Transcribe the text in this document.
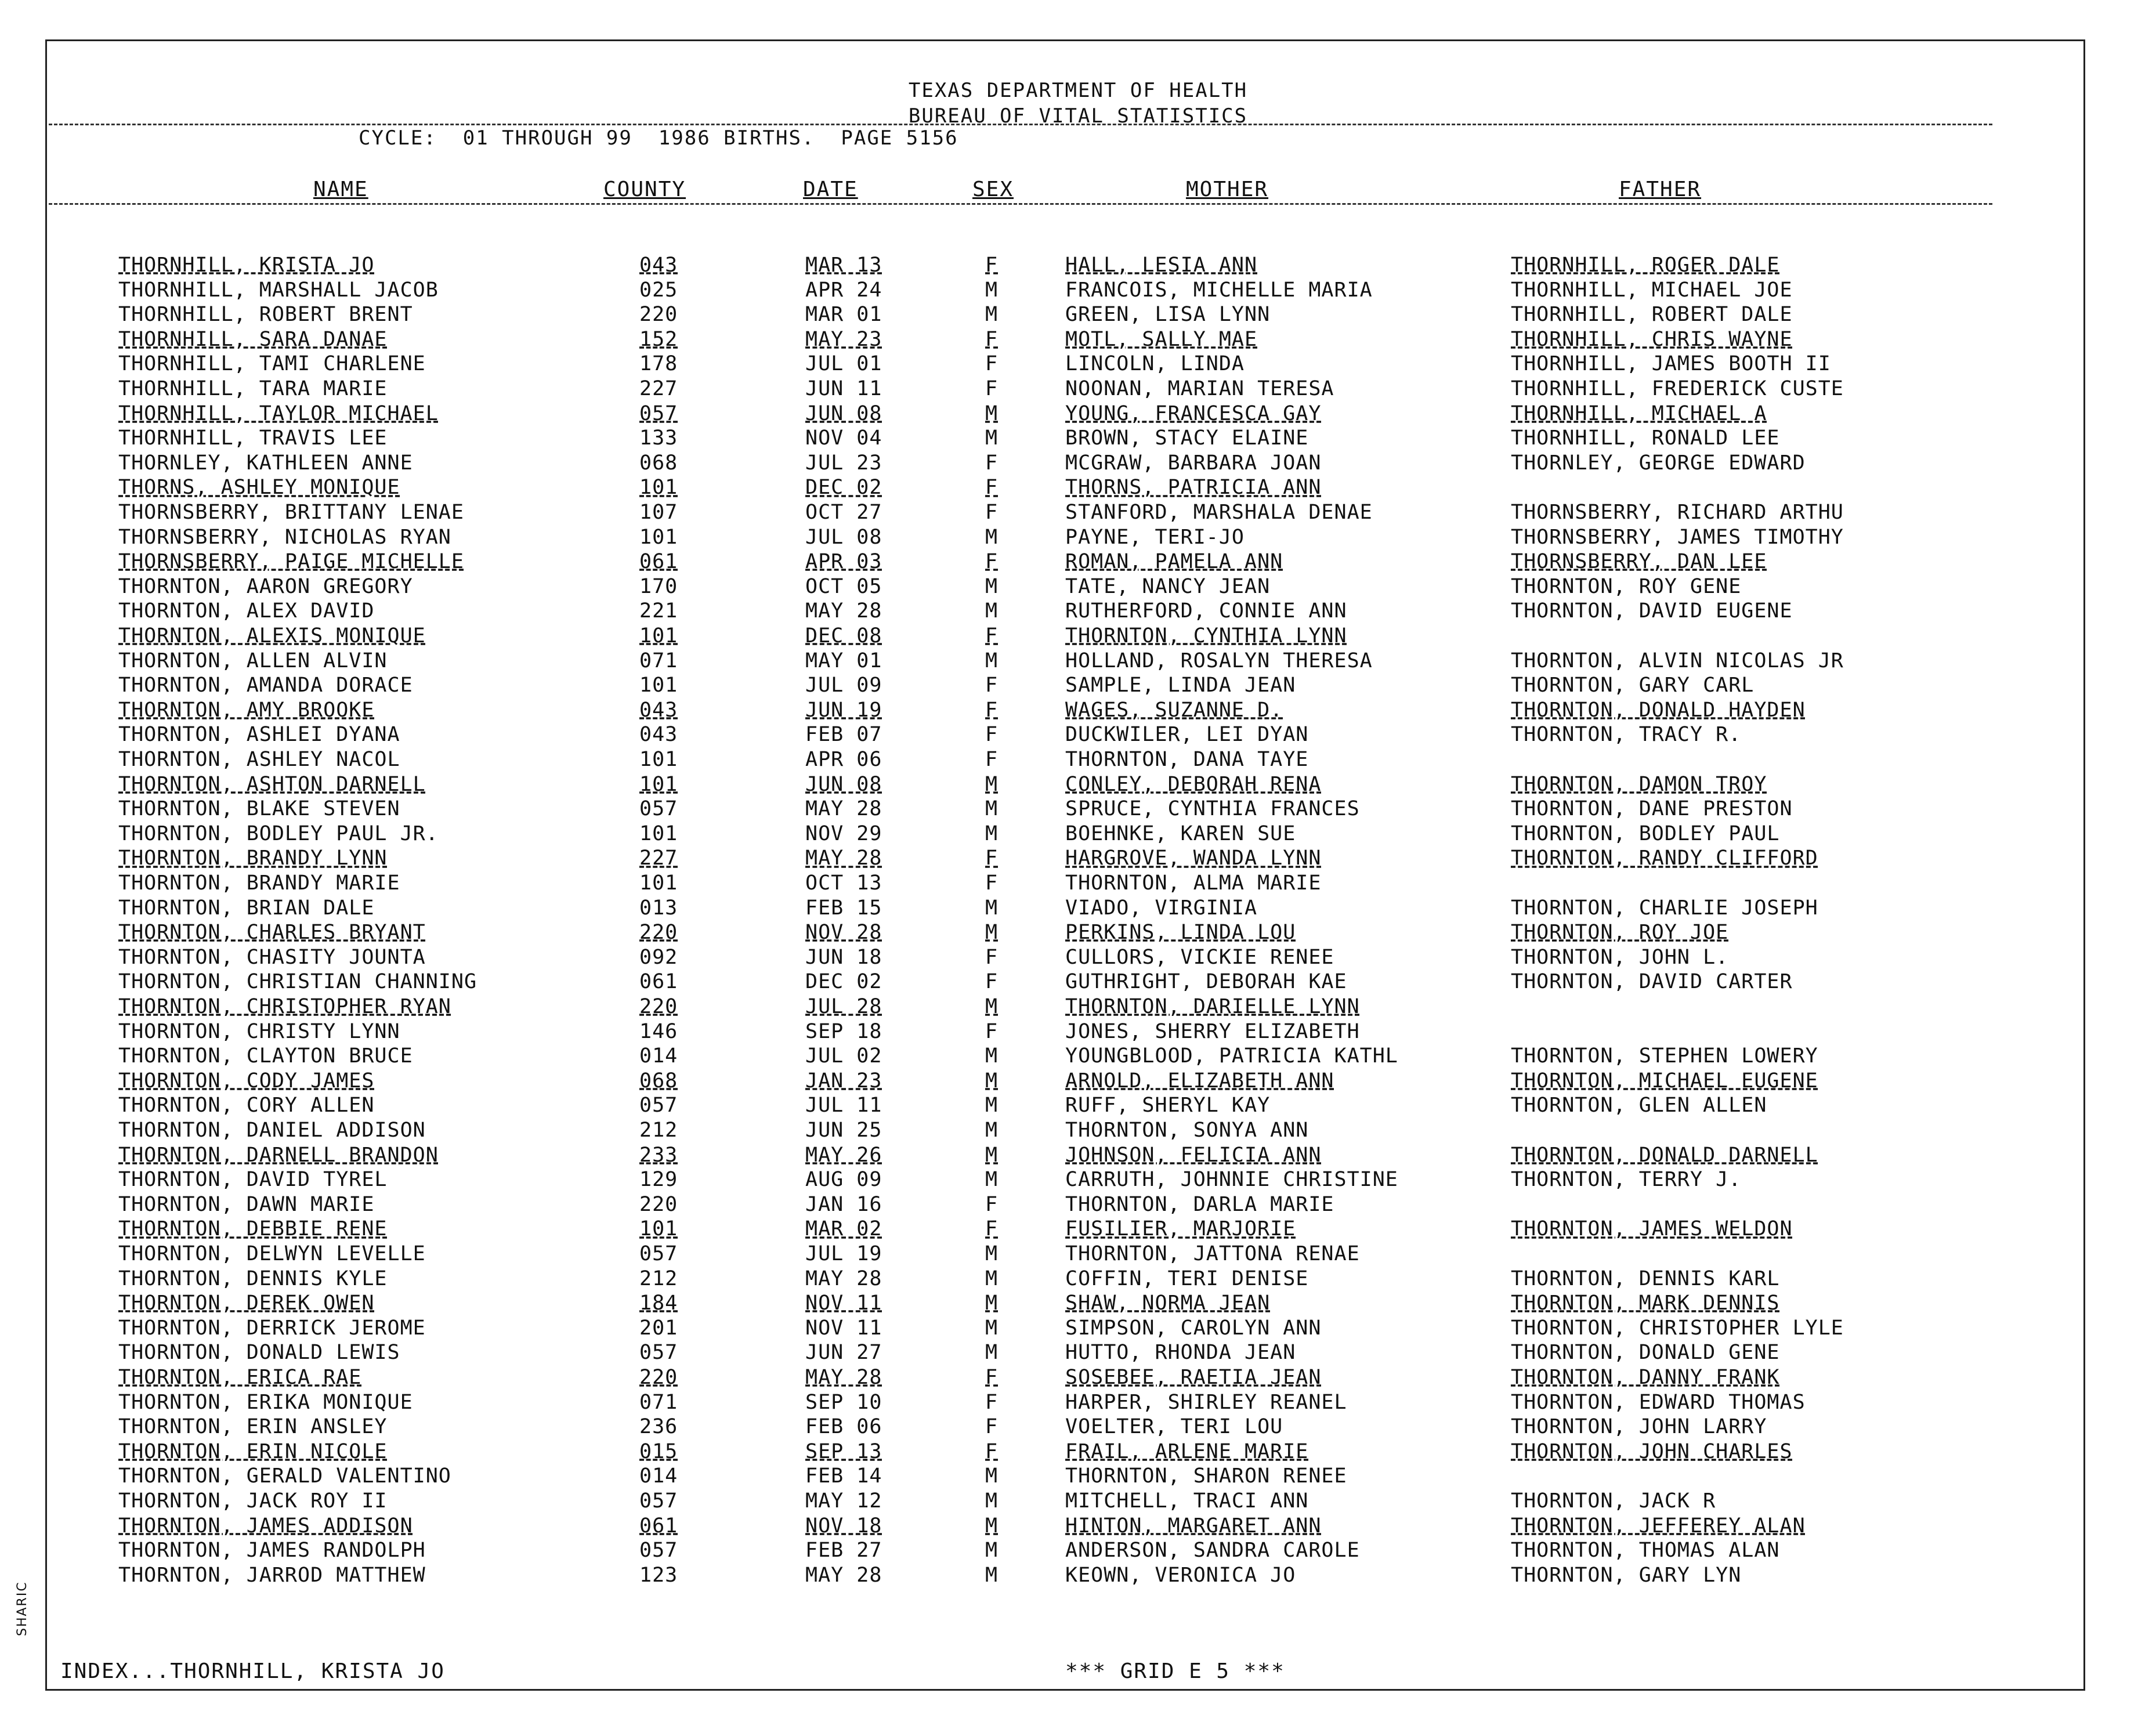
TEXAS DEPARTMENT OF HEALTH
BUREAU OF VITAL STATISTICS
CYCLE:  01 THROUGH 99  1986 BIRTHS.  PAGE 5156
NAME	COUNTY	DATE	SEX	MOTHER	FATHER
THORNHILL, KRISTA JO	043	MAR 13	F	HALL, LESIA ANN	THORNHILL, ROGER DALE
THORNHILL, MARSHALL JACOB	025	APR 24	M	FRANCOIS, MICHELLE MARIA	THORNHILL, MICHAEL JOE
THORNHILL, ROBERT BRENT	220	MAR 01	M	GREEN, LISA LYNN	THORNHILL, ROBERT DALE
THORNHILL, SARA DANAE	152	MAY 23	F	MOTL, SALLY MAE	THORNHILL, CHRIS WAYNE
THORNHILL, TAMI CHARLENE	178	JUL 01	F	LINCOLN, LINDA	THORNHILL, JAMES BOOTH II
THORNHILL, TARA MARIE	227	JUN 11	F	NOONAN, MARIAN TERESA	THORNHILL, FREDERICK CUSTE
THORNHILL, TAYLOR MICHAEL	057	JUN 08	M	YOUNG, FRANCESCA GAY	THORNHILL, MICHAEL A
THORNHILL, TRAVIS LEE	133	NOV 04	M	BROWN, STACY ELAINE	THORNHILL, RONALD LEE
THORNLEY, KATHLEEN ANNE	068	JUL 23	F	MCGRAW, BARBARA JOAN	THORNLEY, GEORGE EDWARD
THORNS, ASHLEY MONIQUE	101	DEC 02	F	THORNS, PATRICIA ANN
THORNSBERRY, BRITTANY LENAE	107	OCT 27	F	STANFORD, MARSHALA DENAE	THORNSBERRY, RICHARD ARTHU
THORNSBERRY, NICHOLAS RYAN	101	JUL 08	M	PAYNE, TERI-JO	THORNSBERRY, JAMES TIMOTHY
THORNSBERRY, PAIGE MICHELLE	061	APR 03	F	ROMAN, PAMELA ANN	THORNSBERRY, DAN LEE
THORNTON, AARON GREGORY	170	OCT 05	M	TATE, NANCY JEAN	THORNTON, ROY GENE
THORNTON, ALEX DAVID	221	MAY 28	M	RUTHERFORD, CONNIE ANN	THORNTON, DAVID EUGENE
THORNTON, ALEXIS MONIQUE	101	DEC 08	F	THORNTON, CYNTHIA LYNN
THORNTON, ALLEN ALVIN	071	MAY 01	M	HOLLAND, ROSALYN THERESA	THORNTON, ALVIN NICOLAS JR
THORNTON, AMANDA DORACE	101	JUL 09	F	SAMPLE, LINDA JEAN	THORNTON, GARY CARL
THORNTON, AMY BROOKE	043	JUN 19	F	WAGES, SUZANNE D.	THORNTON, DONALD HAYDEN
THORNTON, ASHLEI DYANA	043	FEB 07	F	DUCKWILER, LEI DYAN	THORNTON, TRACY R.
THORNTON, ASHLEY NACOL	101	APR 06	F	THORNTON, DANA TAYE
THORNTON, ASHTON DARNELL	101	JUN 08	M	CONLEY, DEBORAH RENA	THORNTON, DAMON TROY
THORNTON, BLAKE STEVEN	057	MAY 28	M	SPRUCE, CYNTHIA FRANCES	THORNTON, DANE PRESTON
THORNTON, BODLEY PAUL JR.	101	NOV 29	M	BOEHNKE, KAREN SUE	THORNTON, BODLEY PAUL
THORNTON, BRANDY LYNN	227	MAY 28	F	HARGROVE, WANDA LYNN	THORNTON, RANDY CLIFFORD
THORNTON, BRANDY MARIE	101	OCT 13	F	THORNTON, ALMA MARIE
THORNTON, BRIAN DALE	013	FEB 15	M	VIADO, VIRGINIA	THORNTON, CHARLIE JOSEPH
THORNTON, CHARLES BRYANT	220	NOV 28	M	PERKINS, LINDA LOU	THORNTON, ROY JOE
THORNTON, CHASITY JOUNTA	092	JUN 18	F	CULLORS, VICKIE RENEE	THORNTON, JOHN L.
THORNTON, CHRISTIAN CHANNING	061	DEC 02	F	GUTHRIGHT, DEBORAH KAE	THORNTON, DAVID CARTER
THORNTON, CHRISTOPHER RYAN	220	JUL 28	M	THORNTON, DARIELLE LYNN
THORNTON, CHRISTY LYNN	146	SEP 18	F	JONES, SHERRY ELIZABETH
THORNTON, CLAYTON BRUCE	014	JUL 02	M	YOUNGBLOOD, PATRICIA KATHL	THORNTON, STEPHEN LOWERY
THORNTON, CODY JAMES	068	JAN 23	M	ARNOLD, ELIZABETH ANN	THORNTON, MICHAEL EUGENE
THORNTON, CORY ALLEN	057	JUL 11	M	RUFF, SHERYL KAY	THORNTON, GLEN ALLEN
THORNTON, DANIEL ADDISON	212	JUN 25	M	THORNTON, SONYA ANN
THORNTON, DARNELL BRANDON	233	MAY 26	M	JOHNSON, FELICIA ANN	THORNTON, DONALD DARNELL
THORNTON, DAVID TYREL	129	AUG 09	M	CARRUTH, JOHNNIE CHRISTINE	THORNTON, TERRY J.
THORNTON, DAWN MARIE	220	JAN 16	F	THORNTON, DARLA MARIE
THORNTON, DEBBIE RENE	101	MAR 02	F	FUSILIER, MARJORIE	THORNTON, JAMES WELDON
THORNTON, DELWYN LEVELLE	057	JUL 19	M	THORNTON, JATTONA RENAE
THORNTON, DENNIS KYLE	212	MAY 28	M	COFFIN, TERI DENISE	THORNTON, DENNIS KARL
THORNTON, DEREK OWEN	184	NOV 11	M	SHAW, NORMA JEAN	THORNTON, MARK DENNIS
THORNTON, DERRICK JEROME	201	NOV 11	M	SIMPSON, CAROLYN ANN	THORNTON, CHRISTOPHER LYLE
THORNTON, DONALD LEWIS	057	JUN 27	M	HUTTO, RHONDA JEAN	THORNTON, DONALD GENE
THORNTON, ERICA RAE	220	MAY 28	F	SOSEBEE, RAETIA JEAN	THORNTON, DANNY FRANK
THORNTON, ERIKA MONIQUE	071	SEP 10	F	HARPER, SHIRLEY REANEL	THORNTON, EDWARD THOMAS
THORNTON, ERIN ANSLEY	236	FEB 06	F	VOELTER, TERI LOU	THORNTON, JOHN LARRY
THORNTON, ERIN NICOLE	015	SEP 13	F	FRAIL, ARLENE MARIE	THORNTON, JOHN CHARLES
THORNTON, GERALD VALENTINO	014	FEB 14	M	THORNTON, SHARON RENEE
THORNTON, JACK ROY II	057	MAY 12	M	MITCHELL, TRACI ANN	THORNTON, JACK R
THORNTON, JAMES ADDISON	061	NOV 18	M	HINTON, MARGARET ANN	THORNTON, JEFFEREY ALAN
THORNTON, JAMES RANDOLPH	057	FEB 27	M	ANDERSON, SANDRA CAROLE	THORNTON, THOMAS ALAN
THORNTON, JARROD MATTHEW	123	MAY 28	M	KEOWN, VERONICA JO	THORNTON, GARY LYN
INDEX...THORNHILL, KRISTA JO	*** GRID E 5 ***
SHARIC
